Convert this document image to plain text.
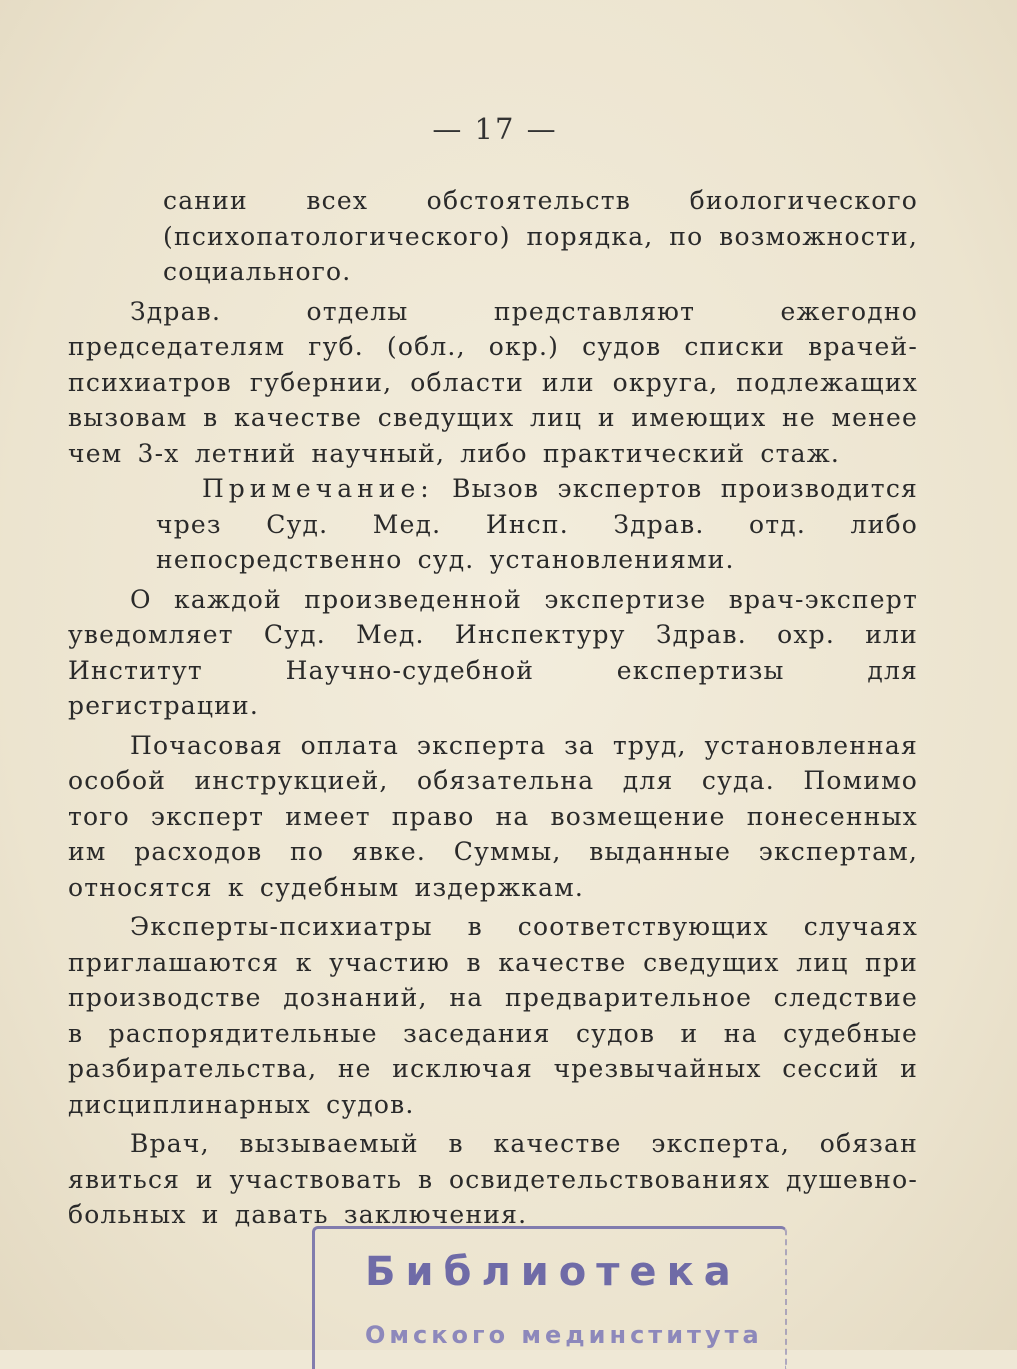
— 17 —

сании всех обстоятельств биологического (психопатологического) порядка, по возможности, социального.

Здрав. отделы представляют ежегодно председателям губ. (обл., окр.) судов списки врачей-психиатров губернии, области или округа, подлежащих вызовам в качестве сведущих лиц и имеющих не менее чем 3-х летний научный, либо практический стаж.

Примечание: Вызов экспертов производится чрез Суд. Мед. Инсп. Здрав. отд. либо непосредственно суд. установлениями.

О каждой произведенной экспертизе врач-эксперт уведомляет Суд. Мед. Инспектуру Здрав. охр. или Институт Научно-судебной експертизы для регистрации.

Почасовая оплата эксперта за труд, установленная особой инструкцией, обязательна для суда. Помимо того эксперт имеет право на возмещение понесенных им расходов по явке. Суммы, выданные экспертам, относятся к судебным издержкам.

Эксперты-психиатры в соответствующих случаях приглашаются к участию в качестве сведущих лиц при производстве дознаний, на предварительное следствие в распорядительные заседания судов и на судебные разбирательства, не исключая чрезвычайных сессий и дисциплинарных судов.

Врач, вызываемый в качестве эксперта, обязан явиться и участвовать в освидетельствованиях душевно-больных и давать заключения.

Библиотека
Омского мединститута
